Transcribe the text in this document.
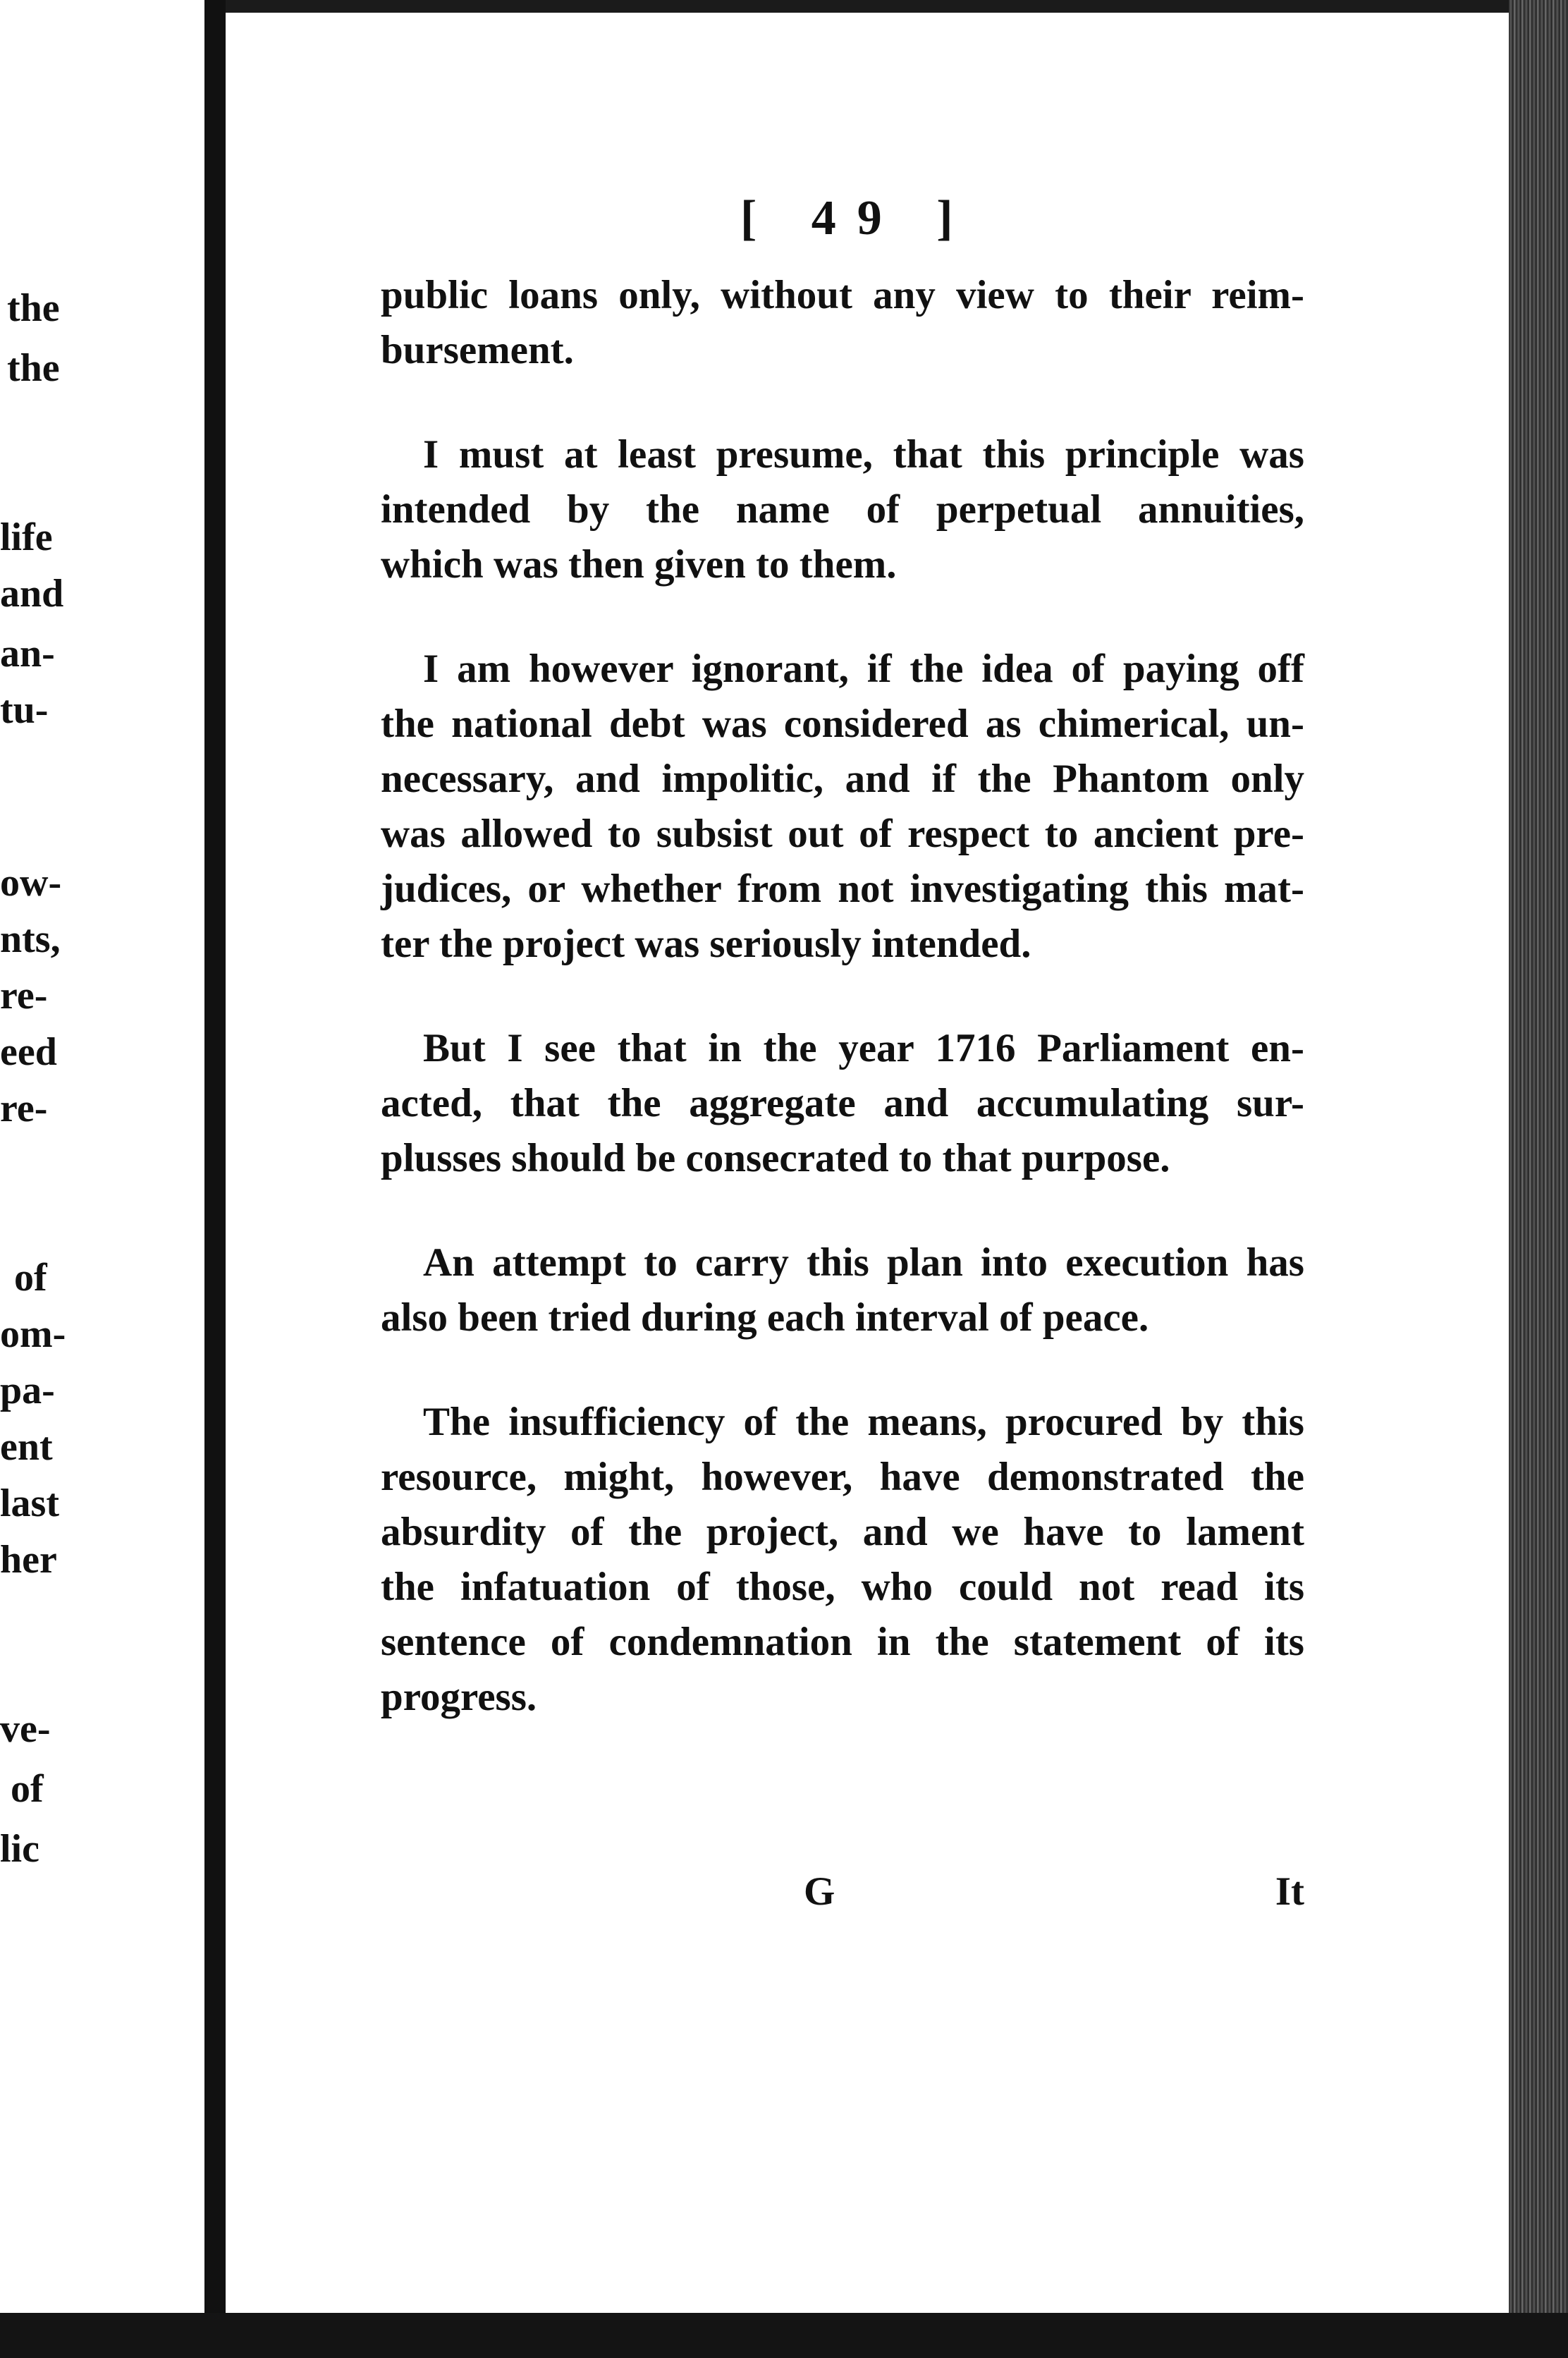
the
the
life
and
an-
tu-
ow-
nts,
re-
eed
re-
of
om-
pa-
ent
last
her
ve-
of
lic
[ 49 ]

public loans only, without any view to their reim-
bursement.

I must at least presume, that this principle was
intended by the name of perpetual annuities,
which was then given to them.

I am however ignorant, if the idea of paying off
the national debt was considered as chimerical, un-
necessary, and impolitic, and if the Phantom only
was allowed to subsist out of respect to ancient pre-
judices, or whether from not investigating this mat-
ter the project was seriously intended.

But I see that in the year 1716 Parliament en-
acted, that the aggregate and accumulating sur-
plusses should be consecrated to that purpose.

An attempt to carry this plan into execution has
also been tried during each interval of peace.

The insufficiency of the means, procured by this
resource, might, however, have demonstrated the
absurdity of the project, and we have to lament
the infatuation of those, who could not read its
sentence of condemnation in the statement of its
progress.

G	It
